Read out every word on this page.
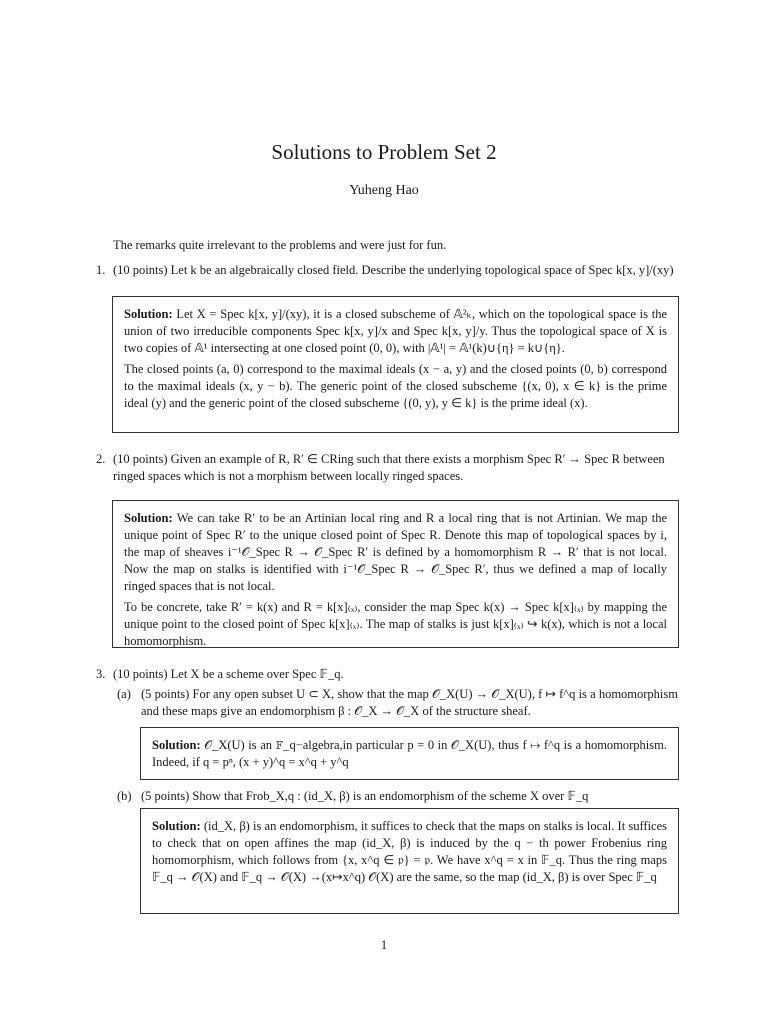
Solutions to Problem Set 2
Yuheng Hao
The remarks quite irrelevant to the problems and were just for fun.
1. (10 points) Let k be an algebraically closed field. Describe the underlying topological space of Spec k[x, y]/(xy)

Solution: Let X = Spec k[x, y]/(xy), it is a closed subscheme of 𝔸²ₖ, which on the topological space is the union of two irreducible components Spec k[x, y]/x and Spec k[x, y]/y. Thus the topological space of X is two copies of 𝔸¹ intersecting at one closed point (0, 0), with |𝔸¹| = 𝔸¹(k)∪{η} = k∪{η}.

The closed points (a, 0) correspond to the maximal ideals (x − a, y) and the closed points (0, b) correspond to the maximal ideals (x, y − b). The generic point of the closed subscheme {(x, 0), x ∈ k} is the prime ideal (y) and the generic point of the closed subscheme {(0, y), y ∈ k} is the prime ideal (x).

2. (10 points) Given an example of R, R′ ∈ CRing such that there exists a morphism Spec R′ → Spec R between ringed spaces which is not a morphism between locally ringed spaces.

Solution: We can take R′ to be an Artinian local ring and R a local ring that is not Artinian. We map the unique point of Spec R′ to the unique closed point of Spec R. Denote this map of topological spaces by i, the map of sheaves i⁻¹𝒪_Spec R → 𝒪_Spec R′ is defined by a homomorphism R → R′ that is not local. Now the map on stalks is identified with i⁻¹𝒪_Spec R → 𝒪_Spec R′, thus we defined a map of locally ringed spaces that is not local.

To be concrete, take R′ = k(x) and R = k[x]₍ₓ₎, consider the map Spec k(x) → Spec k[x]₍ₓ₎ by mapping the unique point to the closed point of Spec k[x]₍ₓ₎. The map of stalks is just k[x]₍ₓ₎ ↪ k(x), which is not a local homomorphism.

3. (10 points) Let X be a scheme over Spec 𝔽_q.
(a) (5 points) For any open subset U ⊂ X, show that the map 𝒪_X(U) → 𝒪_X(U), f ↦ f^q is a homomorphism and these maps give an endomorphism β : 𝒪_X → 𝒪_X of the structure sheaf.

Solution: 𝒪_X(U) is an 𝔽_q−algebra,in particular p = 0 in 𝒪_X(U), thus f ↦ f^q is a homomorphism. Indeed, if q = pⁿ, (x + y)^q = x^q + y^q

(b) (5 points) Show that Frob_X,q : (id_X, β) is an endomorphism of the scheme X over 𝔽_q

Solution: (id_X, β) is an endomorphism, it suffices to check that the maps on stalks is local. It suffices to check that on open affines the map (id_X, β) is induced by the q − th power Frobenius ring homomorphism, which follows from {x, x^q ∈ 𝔭} = 𝔭. We have x^q = x in 𝔽_q. Thus the ring maps 𝔽_q → 𝒪(X) and 𝔽_q → 𝒪(X) →(x↦x^q) 𝒪(X) are the same, so the map (id_X, β) is over Spec 𝔽_q

1
